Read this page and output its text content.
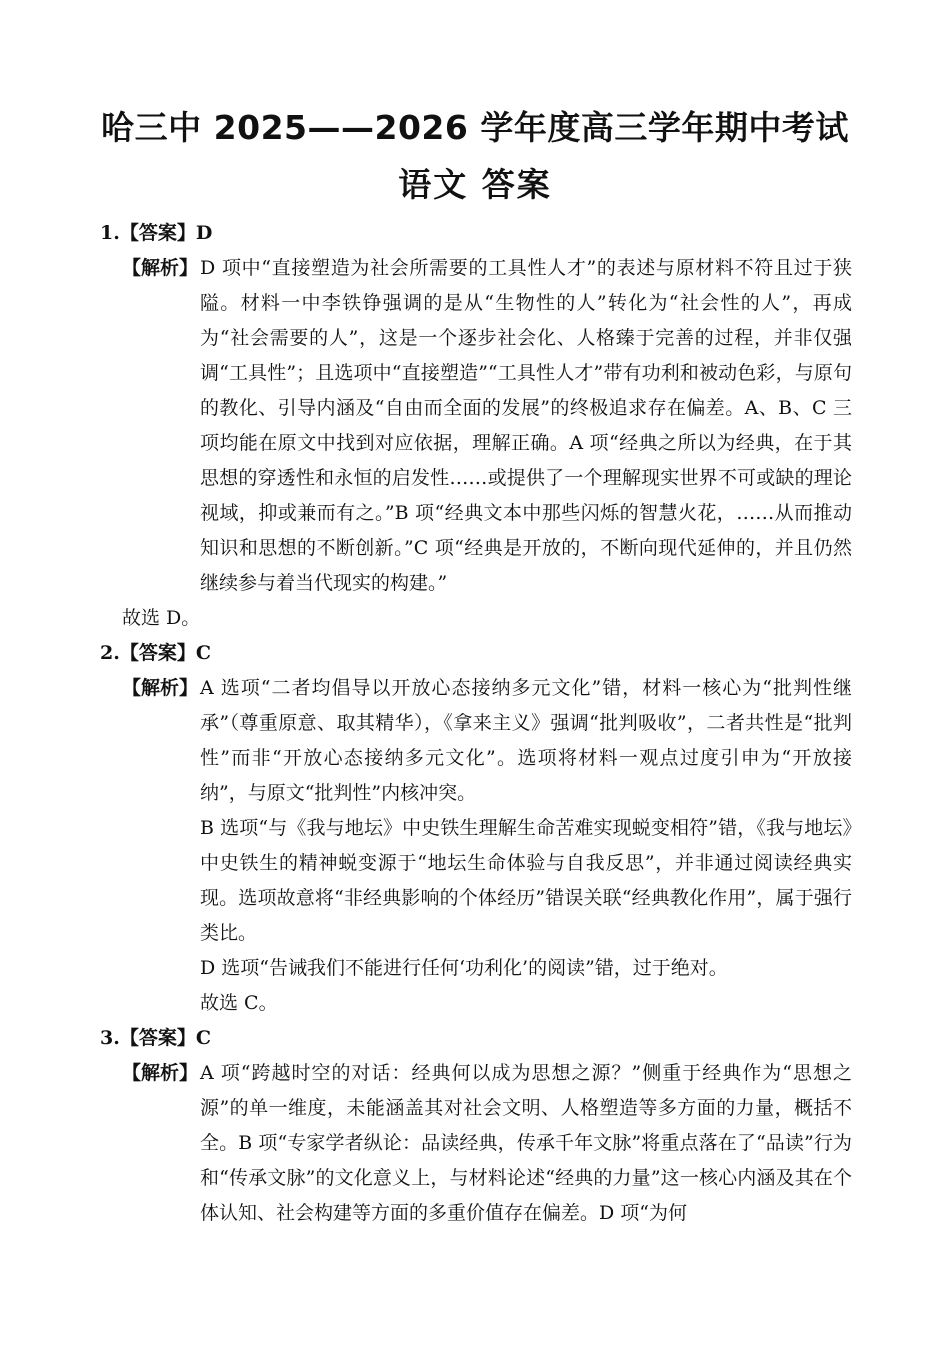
哈三中 2025——2026 学年度高三学年期中考试
语文 答案
1.【答案】D
【解析】 D 项中“直接塑造为社会所需要的工具性人才”的表述与原材料不符且过于狭隘。材料一中李铁铮强调的是从“生物性的人”转化为“社会性的人”，再成为“社会需要的人”，这是一个逐步社会化、人格臻于完善的过程，并非仅强调“工具性”；且选项中“直接塑造”“工具性人才”带有功利和被动色彩，与原句的教化、引导内涵及“自由而全面的发展”的终极追求存在偏差。A、B、C 三项均能在原文中找到对应依据，理解正确。A 项“经典之所以为经典，在于其思想的穿透性和永恒的启发性……或提供了一个理解现实世界不可或缺的理论视域，抑或兼而有之。”B 项“经典文本中那些闪烁的智慧火花，……从而推动知识和思想的不断创新。”C 项“经典是开放的，不断向现代延伸的，并且仍然继续参与着当代现实的构建。”
故选 D。
2.【答案】C
【解析】 A 选项“二者均倡导以开放心态接纳多元文化”错，材料一核心为“批判性继承”（尊重原意、取其精华），《拿来主义》强调“批判吸收”，二者共性是“批判性”而非“开放心态接纳多元文化”。选项将材料一观点过度引申为“开放接纳”，与原文“批判性”内核冲突。
B 选项“与《我与地坛》中史铁生理解生命苦难实现蜕变相符”错，《我与地坛》中史铁生的精神蜕变源于“地坛生命体验与自我反思”，并非通过阅读经典实现。选项故意将“非经典影响的个体经历”错误关联“经典教化作用”，属于强行类比。
D 选项“告诫我们不能进行任何‘功利化’的阅读”错，过于绝对。
故选 C。
3.【答案】C
【解析】 A 项“跨越时空的对话：经典何以成为思想之源？”侧重于经典作为“思想之源”的单一维度，未能涵盖其对社会文明、人格塑造等多方面的力量，概括不全。B 项“专家学者纵论：品读经典，传承千年文脉”将重点落在了“品读”行为和“传承文脉”的文化意义上，与材料论述“经典的力量”这一核心内涵及其在个体认知、社会构建等方面的多重价值存在偏差。D 项“为何
